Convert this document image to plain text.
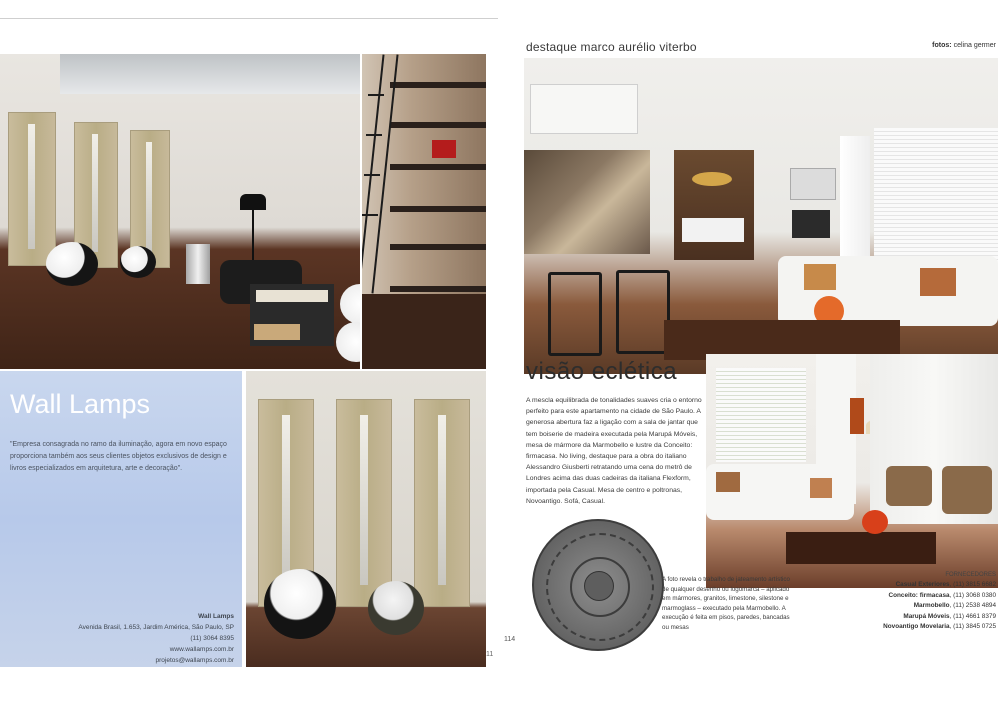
Wall Lamps
"Empresa consagrada no ramo da iluminação, agora em novo espaço proporciona também aos seus clientes objetos exclusivos de design e livros especializados em arquitetura, arte e decoração".
Wall Lamps
Avenida Brasil, 1.653, Jardim América, São Paulo, SP
(11) 3064 8395
www.wallamps.com.br
projetos@wallamps.com.br
11
destaque marco aurélio viterbo	fotos: celina germer
visão eclética
A mescla equilibrada de tonalidades suaves cria o entorno perfeito para este apartamento na cidade de São Paulo. A generosa abertura faz a ligação com a sala de jantar que tem boiserie de madeira executada pela Marupá Móveis, mesa de mármore da Marmobello e lustre da Conceito: firmacasa. No living, destaque para a obra do italiano Alessandro Giusberti retratando uma cena do metrô de Londres acima das duas cadeiras da italiana Flexform, importada pela Casual. Mesa de centro e poltronas, Novoantigo. Sofá, Casual.
A foto revela o trabalho de jateamento artístico de qualquer desenho ou logomarca – aplicado em mármores, granitos, limestone, silestone e marmoglass – executado pela Marmobello. A execução é feita em pisos, paredes, bancadas ou mesas
FORNECEDORES
Casual Exteriores, (11) 3815 6682
Conceito: firmacasa, (11) 3068 0380
Marmobello, (11) 2538 4894
Marupá Móveis, (11) 4661 8379
Novoantigo Movelaria, (11) 3845 0725
114
